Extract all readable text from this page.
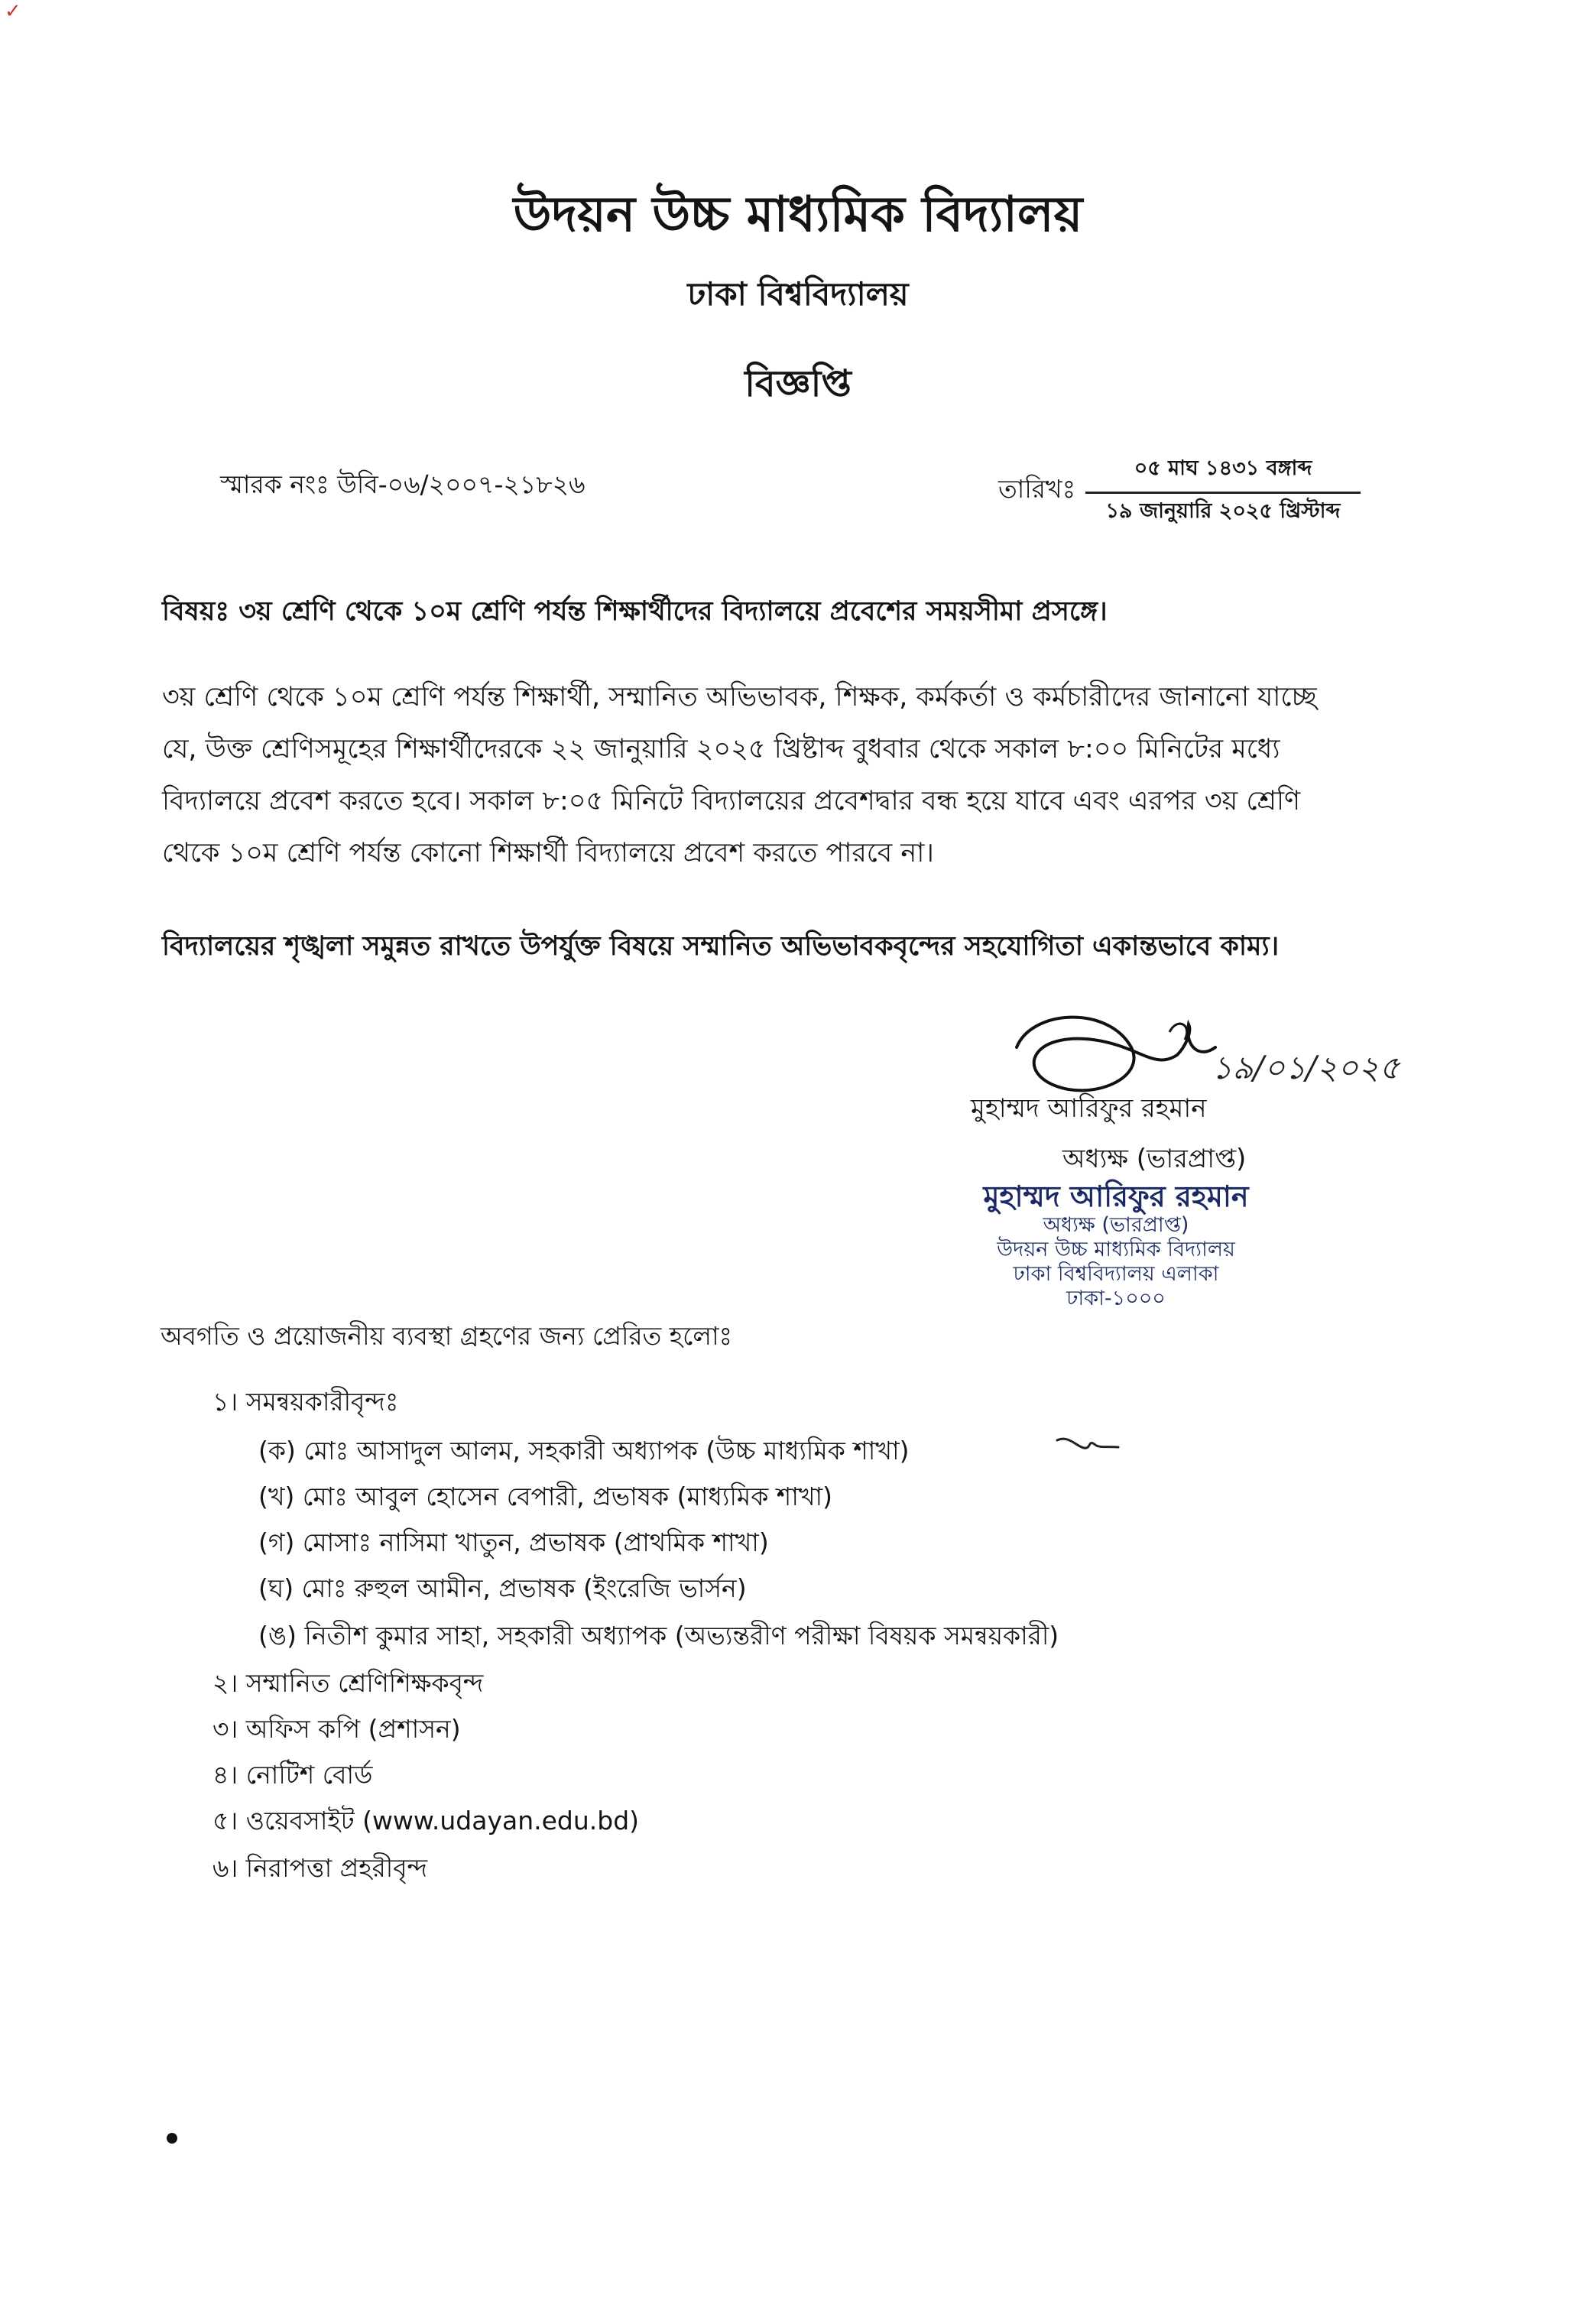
✓
উদয়ন উচ্চ মাধ্যমিক বিদ্যালয়
ঢাকা বিশ্ববিদ্যালয়
বিজ্ঞপ্তি
স্মারক নংঃ উবি-০৬/২০০৭-২১৮২৬	তারিখঃ
০৫ মাঘ ১৪৩১ বঙ্গাব্দ
১৯ জানুয়ারি ২০২৫ খ্রিস্টাব্দ
বিষয়ঃ ৩য় শ্রেণি থেকে ১০ম শ্রেণি পর্যন্ত শিক্ষার্থীদের বিদ্যালয়ে প্রবেশের সময়সীমা প্রসঙ্গে।
৩য় শ্রেণি থেকে ১০ম শ্রেণি পর্যন্ত শিক্ষার্থী, সম্মানিত অভিভাবক, শিক্ষক, কর্মকর্তা ও কর্মচারীদের জানানো যাচ্ছে
যে, উক্ত শ্রেণিসমূহের শিক্ষার্থীদেরকে ২২ জানুয়ারি ২০২৫ খ্রিষ্টাব্দ বুধবার থেকে সকাল ৮:০০ মিনিটের মধ্যে
বিদ্যালয়ে প্রবেশ করতে হবে। সকাল ৮:০৫ মিনিটে বিদ্যালয়ের প্রবেশদ্বার বন্ধ হয়ে যাবে এবং এরপর ৩য় শ্রেণি
থেকে ১০ম শ্রেণি পর্যন্ত কোনো শিক্ষার্থী বিদ্যালয়ে প্রবেশ করতে পারবে না।
বিদ্যালয়ের শৃঙ্খলা সমুন্নত রাখতে উপর্যুক্ত বিষয়ে সম্মানিত অভিভাবকবৃন্দের সহযোগিতা একান্তভাবে কাম্য।
১৯/০১/২০২৫
মুহাম্মদ আরিফুর রহমান
অধ্যক্ষ (ভারপ্রাপ্ত)
মুহাম্মদ আরিফুর রহমান
অধ্যক্ষ (ভারপ্রাপ্ত)
উদয়ন উচ্চ মাধ্যমিক বিদ্যালয়
ঢাকা বিশ্ববিদ্যালয় এলাকা
ঢাকা-১০০০
অবগতি ও প্রয়োজনীয় ব্যবস্থা গ্রহণের জন্য প্রেরিত হলোঃ
১। সমন্বয়কারীবৃন্দঃ
(ক) মোঃ আসাদুল আলম, সহকারী অধ্যাপক (উচ্চ মাধ্যমিক শাখা)
(খ) মোঃ আবুল হোসেন বেপারী, প্রভাষক (মাধ্যমিক শাখা)
(গ) মোসাঃ নাসিমা খাতুন, প্রভাষক (প্রাথমিক শাখা)
(ঘ) মোঃ রুহুল আমীন, প্রভাষক (ইংরেজি ভার্সন)
(ঙ) নিতীশ কুমার সাহা, সহকারী অধ্যাপক (অভ্যন্তরীণ পরীক্ষা বিষয়ক সমন্বয়কারী)
২। সম্মানিত শ্রেণিশিক্ষকবৃন্দ
৩। অফিস কপি (প্রশাসন)
৪। নোটিশ বোর্ড
৫। ওয়েবসাইট (www.udayan.edu.bd)
৬। নিরাপত্তা প্রহরীবৃন্দ
